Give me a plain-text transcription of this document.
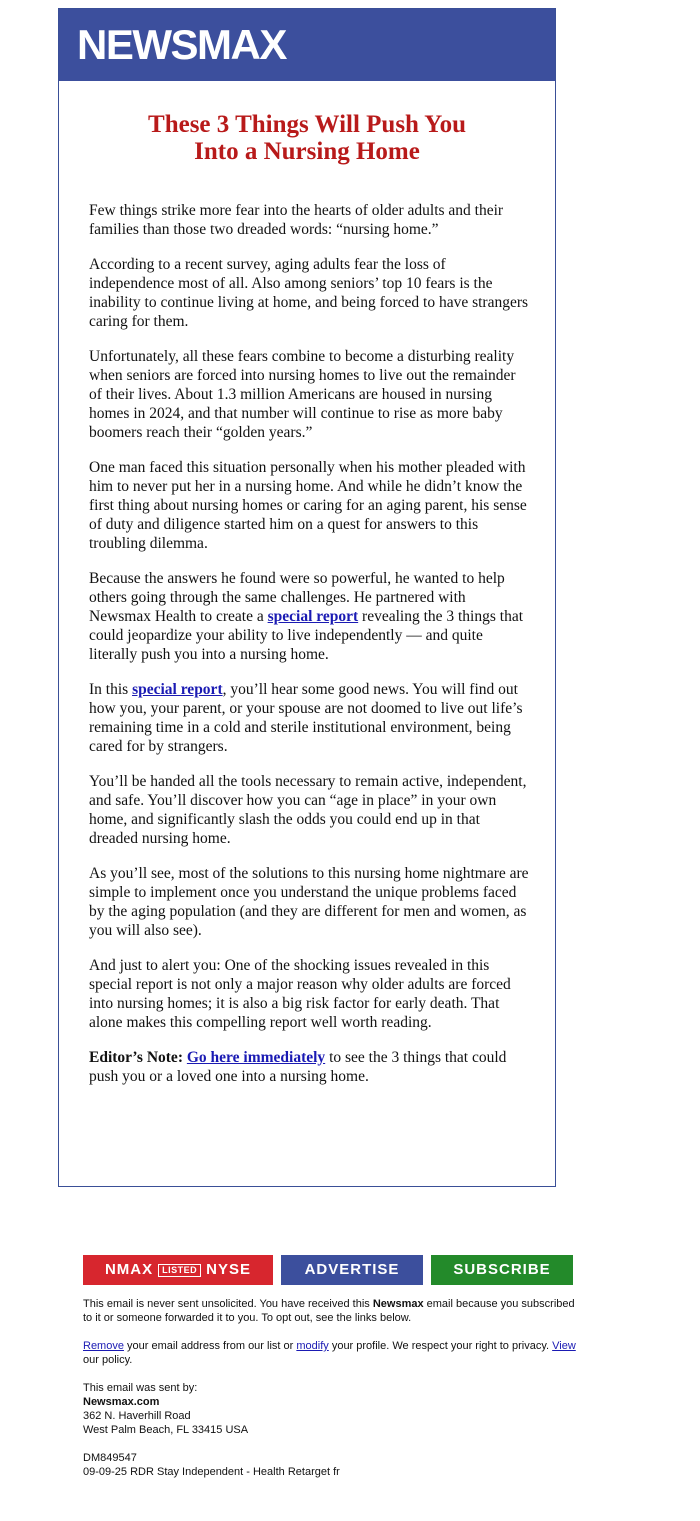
NEWSMAX
These 3 Things Will Push You
Into a Nursing Home

Few things strike more fear into the hearts of older adults and their families than those two dreaded words: “nursing home.”

According to a recent survey, aging adults fear the loss of independence most of all. Also among seniors’ top 10 fears is the inability to continue living at home, and being forced to have strangers caring for them.

Unfortunately, all these fears combine to become a disturbing reality when seniors are forced into nursing homes to live out the remainder of their lives. About 1.3 million Americans are housed in nursing homes in 2024, and that number will continue to rise as more baby boomers reach their “golden years.”

One man faced this situation personally when his mother pleaded with him to never put her in a nursing home. And while he didn’t know the first thing about nursing homes or caring for an aging parent, his sense of duty and diligence started him on a quest for answers to this troubling dilemma.

Because the answers he found were so powerful, he wanted to help others going through the same challenges. He partnered with Newsmax Health to create a special report revealing the 3 things that could jeopardize your ability to live independently — and quite literally push you into a nursing home.

In this special report, you’ll hear some good news. You will find out how you, your parent, or your spouse are not doomed to live out life’s remaining time in a cold and sterile institutional environment, being cared for by strangers.

You’ll be handed all the tools necessary to remain active, independent, and safe. You’ll discover how you can “age in place” in your own home, and significantly slash the odds you could end up in that dreaded nursing home.

As you’ll see, most of the solutions to this nursing home nightmare are simple to implement once you understand the unique problems faced by the aging population (and they are different for men and women, as you will also see).

And just to alert you: One of the shocking issues revealed in this special report is not only a major reason why older adults are forced into nursing homes; it is also a big risk factor for early death. That alone makes this compelling report well worth reading.

Editor’s Note: Go here immediately to see the 3 things that could push you or a loved one into a nursing home.

NMAX	LISTED NYSE	ADVERTISE	SUBSCRIBE

This email is never sent unsolicited. You have received this Newsmax email because you subscribed to it or someone forwarded it to you. To opt out, see the links below.

Remove your email address from our list or modify your profile. We respect your right to privacy. View our policy.

This email was sent by:
Newsmax.com
362 N. Haverhill Road
West Palm Beach, FL 33415 USA

DM849547
09-09-25 RDR Stay Independent - Health Retarget fr
